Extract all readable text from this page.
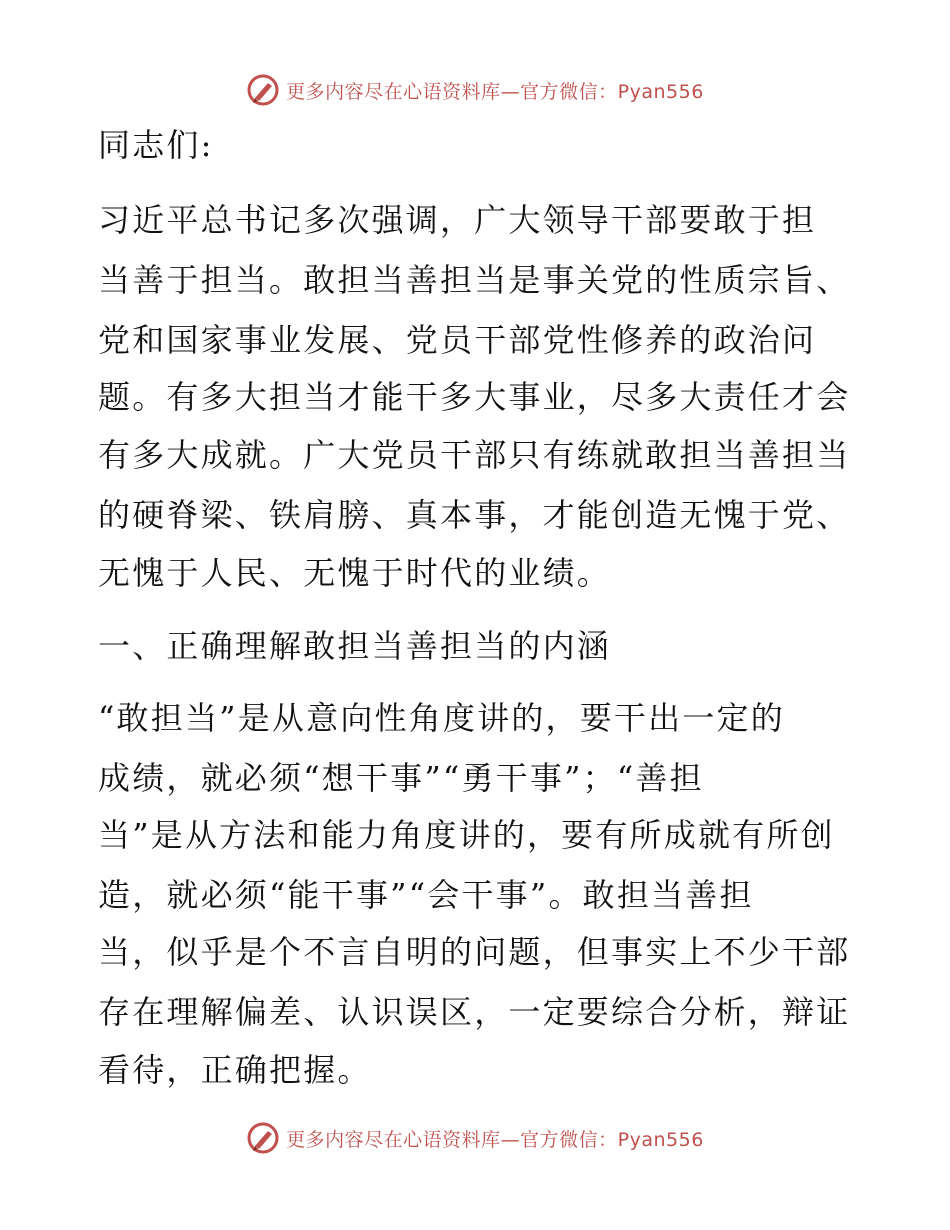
更多内容尽在心语资料库—官方微信：Pyan556
同志们:
习近平总书记多次强调，广大领导干部要敢于担
当善于担当。敢担当善担当是事关党的性质宗旨、
党和国家事业发展、党员干部党性修养的政治问
题。有多大担当才能干多大事业，尽多大责任才会
有多大成就。广大党员干部只有练就敢担当善担当
的硬脊梁、铁肩膀、真本事，才能创造无愧于党、
无愧于人民、无愧于时代的业绩。
一、正确理解敢担当善担当的内涵
“敢担当”是从意向性角度讲的，要干出一定的
成绩，就必须“想干事”“勇干事”；“善担
当”是从方法和能力角度讲的，要有所成就有所创
造，就必须“能干事”“会干事”。敢担当善担
当，似乎是个不言自明的问题，但事实上不少干部
存在理解偏差、认识误区，一定要综合分析，辩证
看待，正确把握。
更多内容尽在心语资料库—官方微信：Pyan556
